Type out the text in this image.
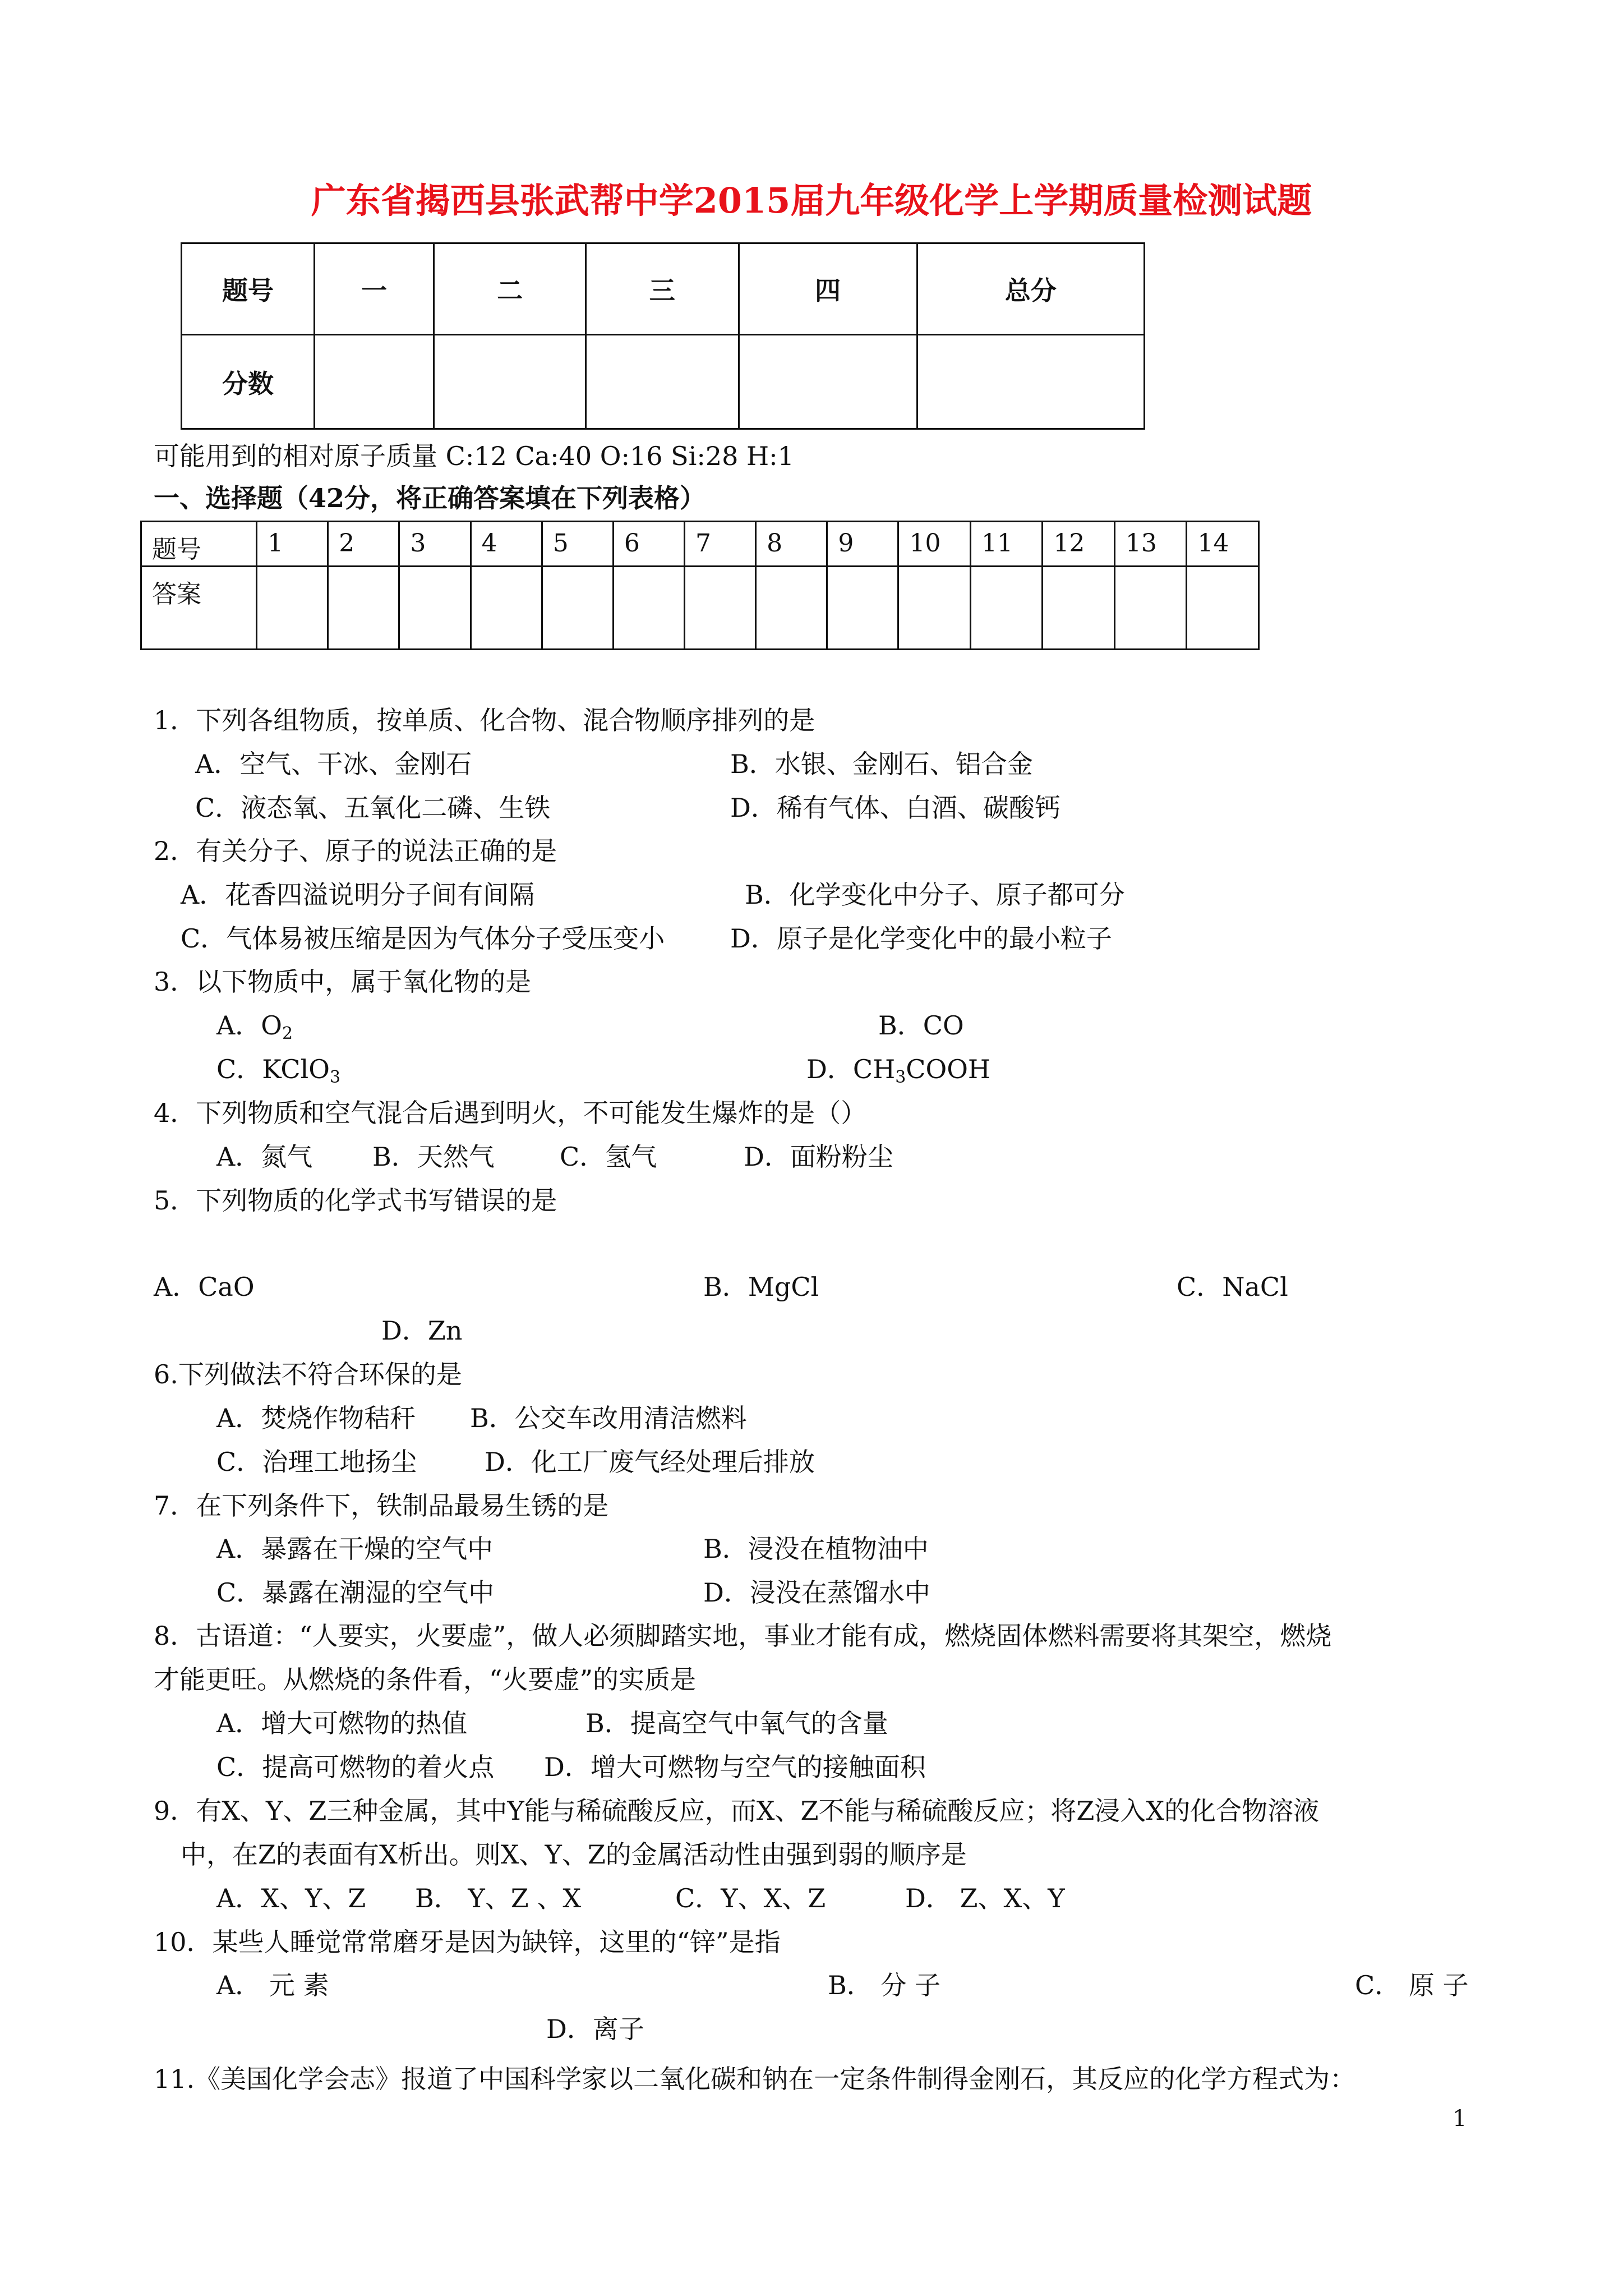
广东省揭西县张武帮中学2015届九年级化学上学期质量检测试题
题号	一	二	三	四	总分
分数					
可能用到的相对原子质量 C:12 Ca:40 O:16 Si:28 H:1
一、选择题（42分，将正确答案填在下列表格）
题号	1	2	3	4	5	6	7	8	9	10	11	12	13	14
答案														
1．下列各组物质，按单质、化合物、混合物顺序排列的是
A．空气、干冰、金刚石	B．水银、金刚石、铝合金
C．液态氧、五氧化二磷、生铁	D．稀有气体、白酒、碳酸钙
2．有关分子、原子的说法正确的是
A．花香四溢说明分子间有间隔	B．化学变化中分子、原子都可分
C．气体易被压缩是因为气体分子受压变小	D．原子是化学变化中的最小粒子
3．以下物质中，属于氧化物的是
A．$O_2$	B．CO
C．KClO$_3$	D．$CH_3COOH$
4．下列物质和空气混合后遇到明火，不可能发生爆炸的是（）
A．氮气 B．天然气	C．氢气	D．面粉粉尘
5．下列物质的化学式书写错误的是
A．CaO	B．MgCl	C．NaCl
D．Zn
6.下列做法不符合环保的是
A．焚烧作物秸秆 B．公交车改用清洁燃料
C．治理工地扬尘	D．化工厂废气经处理后排放
7．在下列条件下，铁制品最易生锈的是
A．暴露在干燥的空气中	B．浸没在植物油中
C．暴露在潮湿的空气中	D．浸没在蒸馏水中
8．古语道：“人要实，火要虚”，做人必须脚踏实地，事业才能有成，燃烧固体燃料需要将其架空，燃烧
才能更旺。从燃烧的条件看，“火要虚”的实质是
A．增大可燃物的热值	B．提高空气中氧气的含量
C．提高可燃物的着火点 D．增大可燃物与空气的接触面积
9．有X、Y、Z三种金属，其中Y能与稀硫酸反应，而X、Z不能与稀硫酸反应；将Z浸入X的化合物溶液
中，在Z的表面有X析出。则X、Y、Z的金属活动性由强到弱的顺序是
A．X、Y、Z B． Y、Z 、X	C．Y、X、Z	D． Z、X、Y
10．某些人睡觉常常磨牙是因为缺锌，这里的“锌”是指
A． 元 素	B． 分 子	C． 原 子
D．离子
11.《美国化学会志》报道了中国科学家以二氧化碳和钠在一定条件制得金刚石，其反应的化学方程式为：
1
